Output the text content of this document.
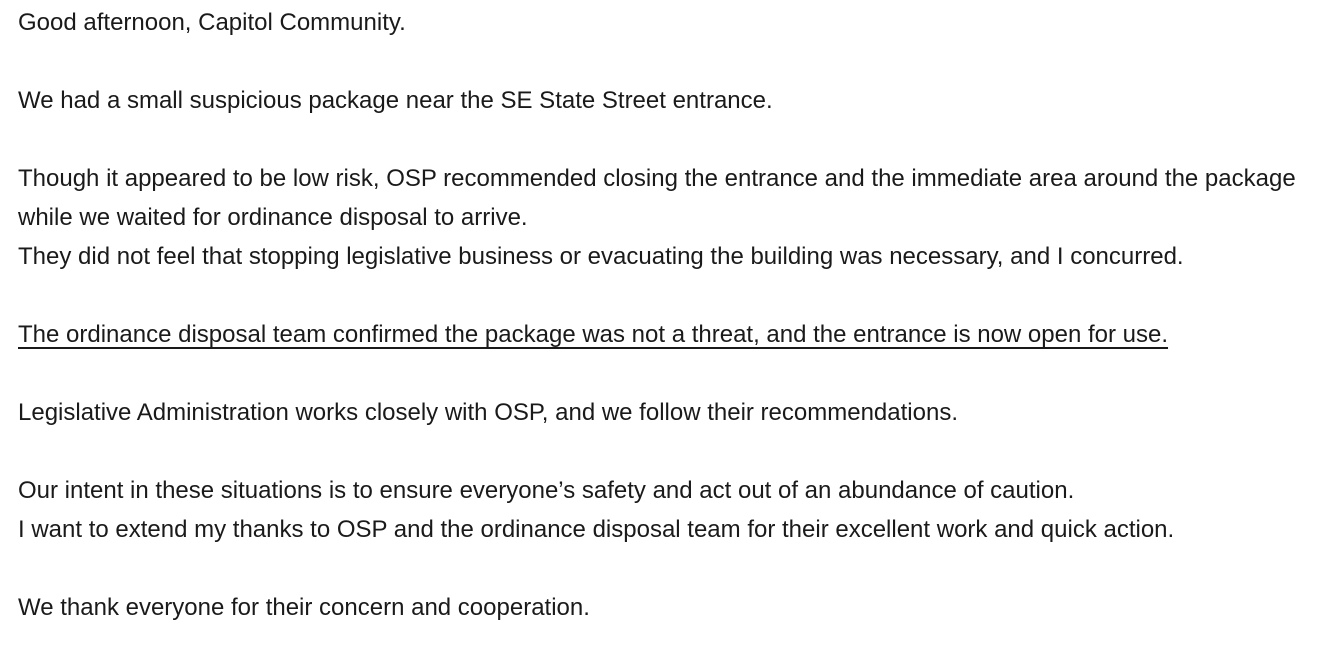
Good afternoon, Capitol Community.

We had a small suspicious package near the SE State Street entrance.

Though it appeared to be low risk, OSP recommended closing the entrance and the immediate area around the package while we waited for ordinance disposal to arrive.

They did not feel that stopping legislative business or evacuating the building was necessary, and I concurred.

The ordinance disposal team confirmed the package was not a threat, and the entrance is now open for use.

Legislative Administration works closely with OSP, and we follow their recommendations.

Our intent in these situations is to ensure everyone’s safety and act out of an abundance of caution.

I want to extend my thanks to OSP and the ordinance disposal team for their excellent work and quick action.

We thank everyone for their concern and cooperation.
